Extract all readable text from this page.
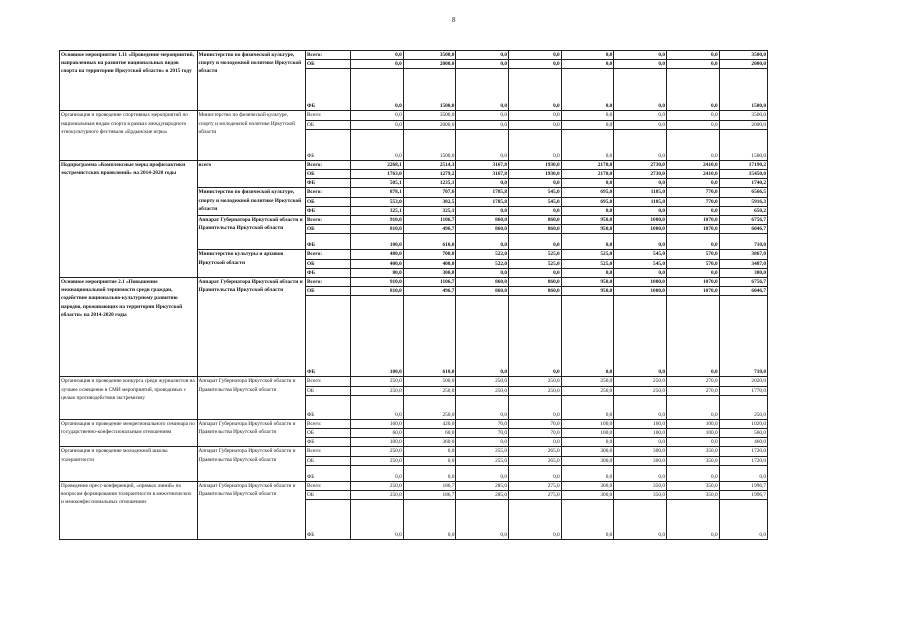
8
Основное мероприятие 1.11 «Проведение мероприятий, направленных на развитие национальных видов спорта на территории Иркутской области» в 2015 году	Министерство по физической культуре, спорту и молодежной политике Иркутской области	Всего:	0,0	3500,0	0,0	0,0	0,0	0,0	0,0	3500,0
		ОБ	0,0	2000,0	0,0	0,0	0,0	0,0	0,0	2000,0
		ФБ	0,0	1500,0	0,0	0,0	0,0	0,0	0,0	1500,0
Организация и проведение спортивных мероприятий по национальным видам спорта в рамках международного этнокультурного фестиваля «Ердынские игры»	Министерство по физической культуре, спорту и молодежной политике Иркутской области	Всего:	0,0	3500,0	0,0	0,0	0,0	0,0	0,0	3500,0
		ОБ	0,0	2000,0	0,0	0,0	0,0	0,0	0,0	2000,0
		ФБ	0,0	1500,0	0,0	0,0	0,0	0,0	0,0	1500,0
Подпрограмма «Комплексные меры профилактики экстремистских проявлений» на 2014-2020 годы	всего	Всего:	2268,1	2514,3	3167,8	1930,0	2170,0	2730,0	2410,0	17190,2
		ОБ	1763,0	1279,2	3167,8	1930,0	2170,0	2730,0	2410,0	15450,0
		ФБ	505,1	1235,1	0,0	0,0	0,0	0,0	0,0	1740,2
	Министерство по физической культуре, спорту и молодежной политике Иркутской области	Всего:	878,1	707,6	1785,8	545,0	695,0	1185,0	770,0	6566,5
		ОБ	553,0	382,5	1785,8	545,0	695,0	1185,0	770,0	5916,3
		ФБ	325,1	325,1	0,0	0,0	0,0	0,0	0,0	650,2
	Аппарат Губернатора Иркутской области и Правительства Иркутской области	Всего:	910,0	1106,7	860,0	860,0	950,0	1000,0	1070,0	6756,7
		ОБ	810,0	496,7	860,0	860,0	950,0	1000,0	1070,0	6046,7
		ФБ	100,0	610,0	0,0	0,0	0,0	0,0	0,0	710,0
	Министерство культуры и архивов Иркутской области	Всего:	480,0	700,0	522,0	525,0	525,0	545,0	570,0	3867,0
		ОБ	400,0	400,0	522,0	525,0	525,0	545,0	570,0	3487,0
		ФБ	80,0	300,0	0,0	0,0	0,0	0,0	0,0	380,0
Основное мероприятие 2.1 «Повышение межнациональной терпимости среди граждан, содействие национально-культурному развитию народов, проживающих на территории Иркутской области» на 2014-2020 годы	Аппарат Губернатора Иркутской области и Правительства Иркутской области	Всего:	910,0	1106,7	860,0	860,0	950,0	1000,0	1070,0	6756,7
		ОБ	810,0	496,7	860,0	860,0	950,0	1000,0	1070,0	6046,7
		ФБ	100,0	610,0	0,0	0,0	0,0	0,0	0,0	710,0
Организация и проведение конкурса среди журналистов на лучшее освещение в СМИ мероприятий, проводимых с целью противодействия экстремизму	Аппарат Губернатора Иркутской области и Правительства Иркутской области	Всего:	250,0	500,0	250,0	250,0	250,0	250,0	270,0	2020,0
		ОБ	250,0	250,0	250,0	250,0	250,0	250,0	270,0	1770,0
		ФБ	0,0	250,0	0,0	0,0	0,0	0,0	0,0	250,0
Организация и проведение межрегионального семинара по государственно-конфессиональным отношениям	Аппарат Губернатора Иркутской области и Правительства Иркутской области	Всего:	160,0	420,0	70,0	70,0	100,0	100,0	100,0	1020,0
		ОБ	60,0	60,0	70,0	70,0	100,0	100,0	100,0	560,0
		ФБ	100,0	360,0	0,0	0,0	0,0	0,0	0,0	460,0
Организация и проведение молодежной школы толерантности	Аппарат Губернатора Иркутской области и Правительства Иркутской области	Всего:	250,0	0,0	255,0	265,0	300,0	300,0	350,0	1720,0
		ОБ	250,0	0,0	255,0	265,0	300,0	300,0	350,0	1720,0
		ФБ	0,0	0,0	0,0	0,0	0,0	0,0	0,0	0,0
Проведение пресс-конференций, «прямых линий» по вопросам формирования толерантности в межэтнических и межконфессиональных отношениях	Аппарат Губернатора Иркутской области и Правительства Иркутской области	Всего:	250,0	186,7	285,0	275,0	300,0	350,0	350,0	1996,7
		ОБ	250,0	186,7	285,0	275,0	300,0	350,0	350,0	1996,7
		ФБ	0,0	0,0	0,0	0,0	0,0	0,0	0,0	0,0
